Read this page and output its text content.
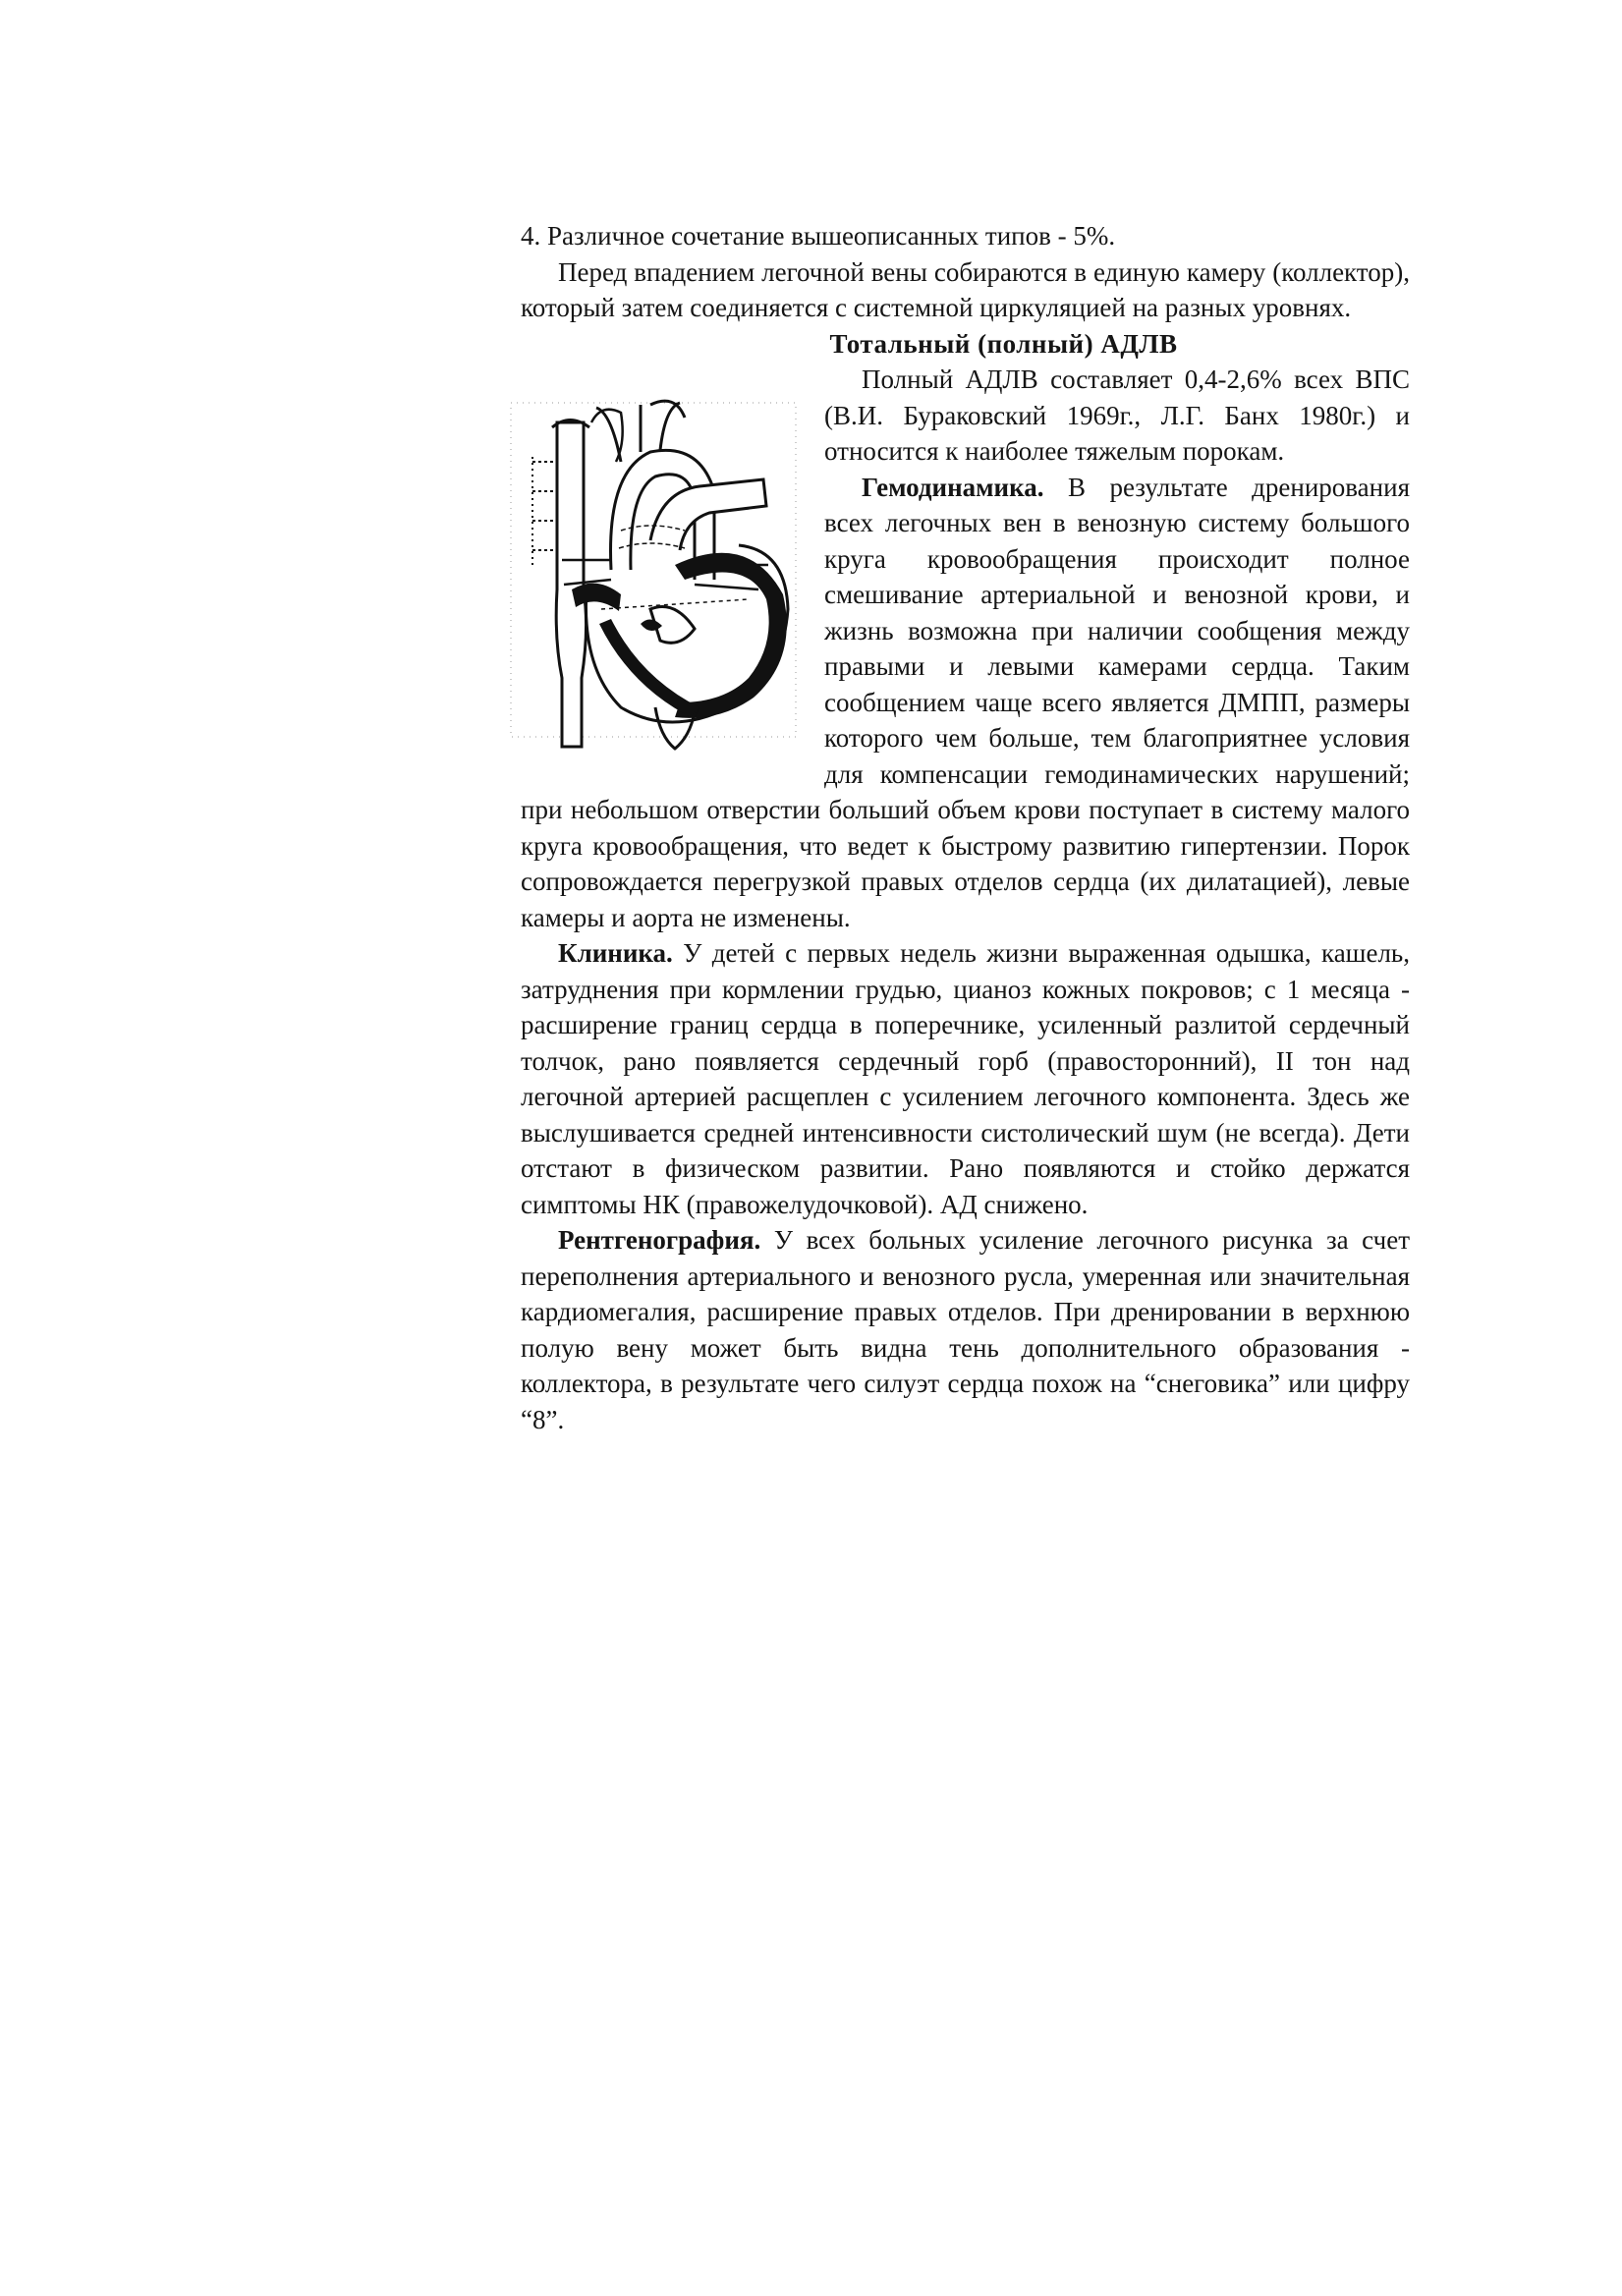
4. Различное сочетание вышеописанных типов - 5%.

Перед впадением легочной вены собираются в единую камеру (коллектор), который затем соединяется с системной циркуляцией на разных уровнях.

Тотальный (полный) АДЛВ

Полный АДЛВ составляет 0,4-2,6% всех ВПС (В.И. Бураковский 1969г., Л.Г. Банх 1980г.) и относится к наиболее тяжелым порокам.

Гемодинамика. В результате дренирования всех легочных вен в венозную систему большого круга кровообращения происходит полное смешивание артериальной и венозной крови, и жизнь возможна при наличии сообщения между правыми и левыми камерами сердца. Таким сообщением чаще всего является ДМПП, размеры которого чем больше, тем благоприятнее условия для компенсации гемодинамических нарушений; при небольшом отверстии больший объем крови поступает в систему малого круга кровообращения, что ведет к быстрому развитию гипертензии. Порок сопровождается перегрузкой правых отделов сердца (их дилатацией), левые камеры и аорта не изменены.

Клиника. У детей с первых недель жизни выраженная одышка, кашель, затруднения при кормлении грудью, цианоз кожных покровов; с 1 месяца - расширение границ сердца в поперечнике, усиленный разлитой сердечный толчок, рано появляется сердечный горб (правосторонний), II тон над легочной артерией расщеплен с усилением легочного компонента. Здесь же выслушивается средней интенсивности систолический шум (не всегда). Дети отстают в физическом развитии. Рано появляются и стойко держатся симптомы НК (правожелудочковой). АД снижено.

Рентгенография. У всех больных усиление легочного рисунка за счет переполнения артериального и венозного русла, умеренная или значительная кардиомегалия, расширение правых отделов. При дренировании в верхнюю полую вену может быть видна тень дополнительного образования - коллектора, в результате чего силуэт сердца похож на “снеговика” или цифру “8”.
